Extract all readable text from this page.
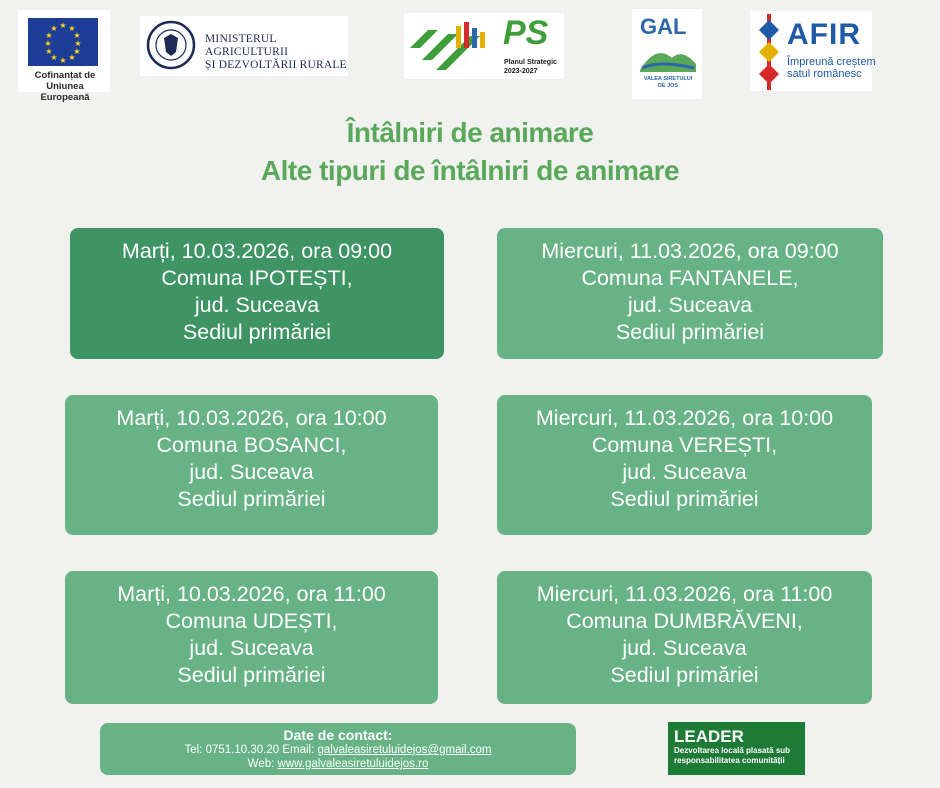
★ ★
★
★
★
★
★
★
★
★
★
★
Cofinanțat de
Uniunea Europeană
MINISTERUL AGRICULTURII
ȘI DEZVOLTĂRII RURALE
PS
Planul Strategic
2023-2027
GAL
VALEA SIRETULUI
DE JOS
AFIR
Împreună creștem
satul românesc
Întâlniri de animare
Alte tipuri de întâlniri de animare
Marți, 10.03.2026, ora 09:00
Comuna IPOTEȘTI,
jud. Suceava
Sediul primăriei
Miercuri, 11.03.2026, ora 09:00
Comuna FANTANELE,
jud. Suceava
Sediul primăriei
Marți, 10.03.2026, ora 10:00
Comuna BOSANCI,
jud. Suceava
Sediul primăriei
Miercuri, 11.03.2026, ora 10:00
Comuna VEREȘTI,
jud. Suceava
Sediul primăriei
Marți, 10.03.2026, ora 11:00
Comuna UDEȘTI,
jud. Suceava
Sediul primăriei
Miercuri, 11.03.2026, ora 11:00
Comuna DUMBRĂVENI,
jud. Suceava
Sediul primăriei
Date de contact:
Tel: 0751.10.30.20 Email: galvaleasiretuluidejos@gmail.com
Web: www.galvaleasiretuluidejos.ro
LEADER
Dezvoltarea locală plasată sub
responsabilitatea comunității
